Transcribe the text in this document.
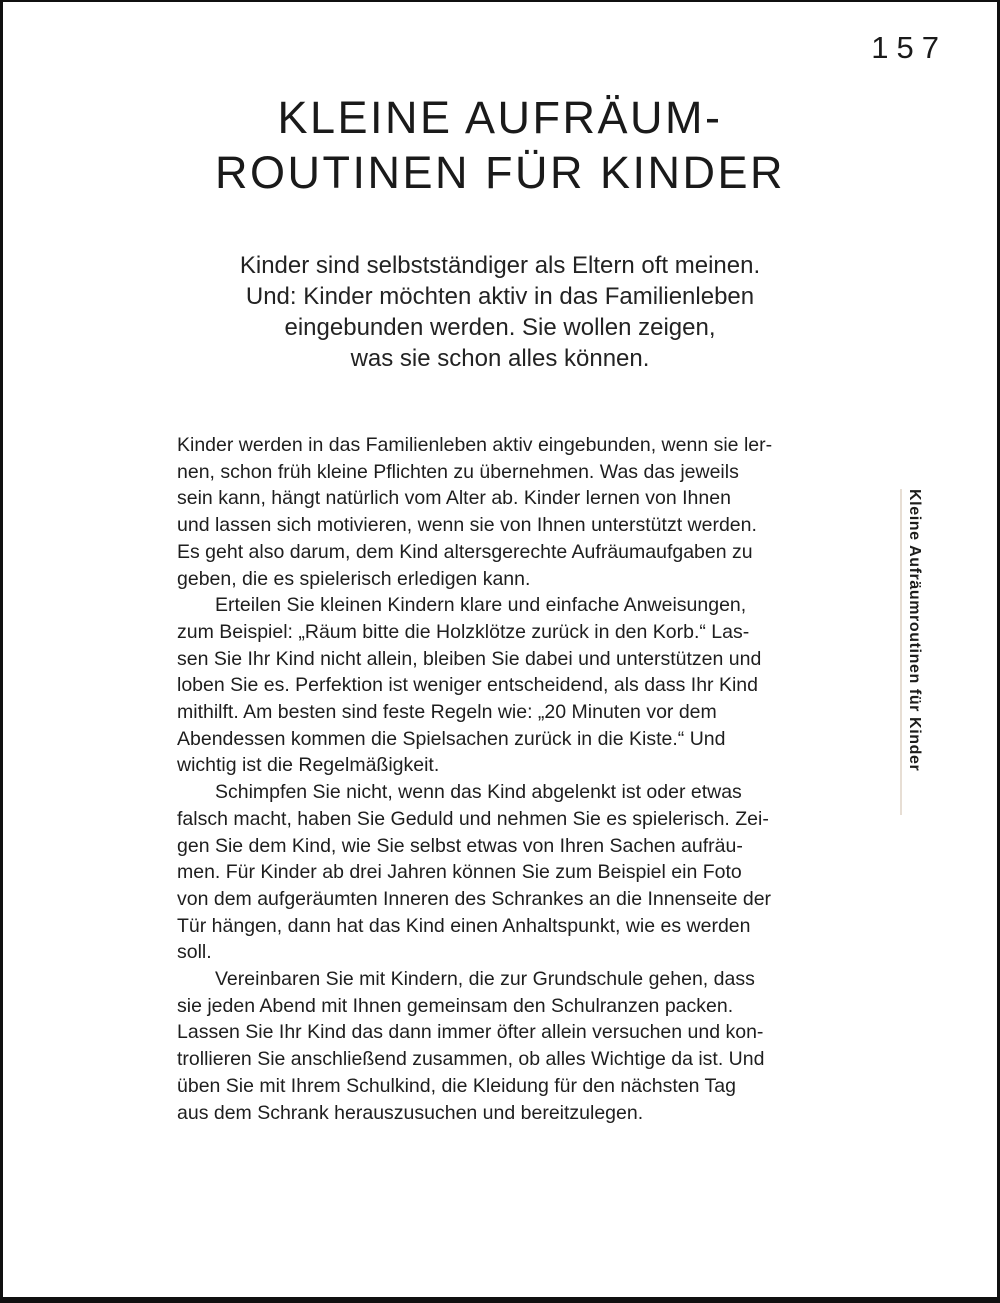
157
KLEINE AUFRÄUM-
ROUTINEN FÜR KINDER
Kinder sind selbstständiger als Eltern oft meinen.
Und: Kinder möchten aktiv in das Familienleben
eingebunden werden. Sie wollen zeigen,
was sie schon alles können.
Kinder werden in das Familienleben aktiv eingebunden, wenn sie ler-
nen, schon früh kleine Pflichten zu übernehmen. Was das jeweils
sein kann, hängt natürlich vom Alter ab. Kinder lernen von Ihnen
und lassen sich motivieren, wenn sie von Ihnen unterstützt werden.
Es geht also darum, dem Kind altersgerechte Aufräumaufgaben zu
geben, die es spielerisch erledigen kann.
Erteilen Sie kleinen Kindern klare und einfache Anweisungen,
zum Beispiel: „Räum bitte die Holzklötze zurück in den Korb.“ Las-
sen Sie Ihr Kind nicht allein, bleiben Sie dabei und unterstützen und
loben Sie es. Perfektion ist weniger entscheidend, als dass Ihr Kind
mithilft. Am besten sind feste Regeln wie: „20 Minuten vor dem
Abendessen kommen die Spielsachen zurück in die Kiste.“ Und
wichtig ist die Regelmäßigkeit.
Schimpfen Sie nicht, wenn das Kind abgelenkt ist oder etwas
falsch macht, haben Sie Geduld und nehmen Sie es spielerisch. Zei-
gen Sie dem Kind, wie Sie selbst etwas von Ihren Sachen aufräu-
men. Für Kinder ab drei Jahren können Sie zum Beispiel ein Foto
von dem aufgeräumten Inneren des Schrankes an die Innenseite der
Tür hängen, dann hat das Kind einen Anhaltspunkt, wie es werden
soll.
Vereinbaren Sie mit Kindern, die zur Grundschule gehen, dass
sie jeden Abend mit Ihnen gemeinsam den Schulranzen packen.
Lassen Sie Ihr Kind das dann immer öfter allein versuchen und kon-
trollieren Sie anschließend zusammen, ob alles Wichtige da ist. Und
üben Sie mit Ihrem Schulkind, die Kleidung für den nächsten Tag
aus dem Schrank herauszusuchen und bereitzulegen.
Kleine Aufräumroutinen für Kinder
